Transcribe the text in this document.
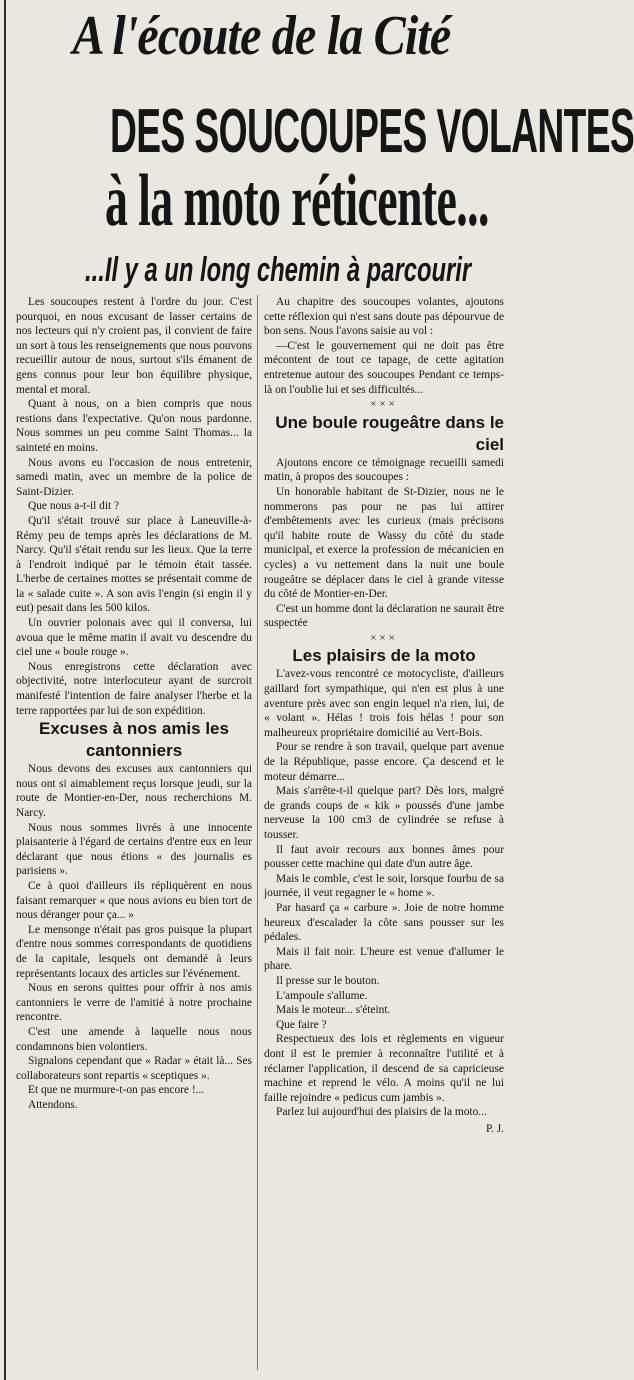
A l'écoute de la Cité
DES SOUCOUPES VOLANTES
à la moto réticente...
...Il y a un long chemin à parcourir

Les soucoupes restent à l'ordre du jour. C'est pourquoi, en nous excusant de lasser certains de nos lecteurs qui n'y croient pas, il convient de faire un sort à tous les renseignements que nous pouvons recueillir autour de nous, surtout s'ils émanent de gens connus pour leur bon équilibre physique, mental et moral.

Quant à nous, on a bien compris que nous restions dans l'expectative. Qu'on nous pardonne. Nous sommes un peu comme Saint Thomas... la sainteté en moins.

Nous avons eu l'occasion de nous entretenir, samedi matin, avec un membre de la police de Saint-Dizier.

Que nous a-t-il dit ?

Qu'il s'était trouvé sur place à Laneuville-à-Rémy peu de temps après les déclarations de M. Narcy. Qu'il s'était rendu sur les lieux. Que la terre à l'endroit indiqué par le témoin était tassée. L'herbe de certaines mottes se présentait comme de la « salade cuite ». A son avis l'engin (si engin il y eut) pesait dans les 500 kilos.

Un ouvrier polonais avec qui il conversa, lui avoua que le même matin il avait vu descendre du ciel une « boule rouge ».

Nous enregistrons cette déclaration avec objectivité, notre interlocuteur ayant de surcroit manifesté l'intention de faire analyser l'herbe et la terre rapportées par lui de son expédition.

Excuses à nos amis les cantonniers

Nous devons des excuses aux cantonniers qui nous ont si aimablement reçus lorsque jeudi, sur la route de Montier-en-Der, nous recherchions M. Narcy.

Nous nous sommes livrés à une innocente plaisanterie à l'égard de certains d'entre eux en leur déclarant que nous étions « des journalis es parisiens ».

Ce à quoi d'ailleurs ils répliquèrent en nous faisant remarquer « que nous avions eu bien tort de nous déranger pour ça... »

Le mensonge n'était pas gros puisque la plupart d'entre nous sommes correspondants de quotidiens de la capitale, lesquels ont demandé à leurs représentants locaux des articles sur l'événement.

Nous en serons quittes pour offrir à nos amis cantonniers le verre de l'amitié à notre prochaine rencontre.

C'est une amende à laquelle nous nous condamnons bien volontiers.

Signalons cependant que « Radar » était là... Ses collaborateurs sont repartis « sceptiques ».

Et que ne murmure-t-on pas encore !...

Attendons.

Au chapitre des soucoupes volantes, ajoutons cette réflexion qui n'est sans doute pas dépourvue de bon sens. Nous l'avons saisie au vol :

—C'est le gouvernement qui ne doit pas être mécontent de tout ce tapage, de cette agitation entretenue autour des soucoupes Pendant ce temps-là on l'oublie lui et ses difficultés...

×××

Une boule rougeâtre dans le ciel

Ajoutons encore ce témoignage recueilli samedi matin, à propos des soucoupes :

Un honorable habitant de St-Dizier, nous ne le nommerons pas pour ne pas lui attirer d'embêtements avec les curieux (mais précisons qu'il habite route de Wassy du côté du stade municipal, et exerce la profession de mécanicien en cycles) a vu nettement dans la nuit une boule rougeâtre se déplacer dans le ciel à grande vitesse du côté de Montier-en-Der.

C'est un homme dont la déclaration ne saurait être suspectée

×××

Les plaisirs de la moto

L'avez-vous rencontré ce motocycliste, d'ailleurs gaillard fort sympathique, qui n'en est plus à une aventure près avec son engin lequel n'a rien, lui, de « volant ». Hélas ! trois fois hélas ! pour son malheureux propriétaire domicilié au Vert-Bois.

Pour se rendre à son travail, quelque part avenue de la République, passe encore. Ça descend et le moteur démarre...

Mais s'arrête-t-il quelque part? Dès lors, malgré de grands coups de « kik » poussés d'une jambe nerveuse la 100 cm3 de cylindrée se refuse à tousser.

Il faut avoir recours aux bonnes âmes pour pousser cette machine qui date d'un autre âge.

Mais le comble, c'est le soir, lorsque fourbu de sa journée, il veut regagner le « home ».

Par hasard ça « carbure ». Joie de notre homme heureux d'escalader la côte sans pousser sur les pédales.

Mais il fait noir. L'heure est venue d'allumer le phare.

Il presse sur le bouton.

L'ampoule s'allume.

Mais le moteur... s'éteint.

Que faire ?

Respectueux des lois et règlements en vigueur dont il est le premier à reconnaître l'utilité et à réclamer l'application, il descend de sa capricieuse machine et reprend le vélo. A moins qu'il ne lui faille rejoindre « pedicus cum jambis ».

Parlez lui aujourd'hui des plaisirs de la moto...

P. J.
